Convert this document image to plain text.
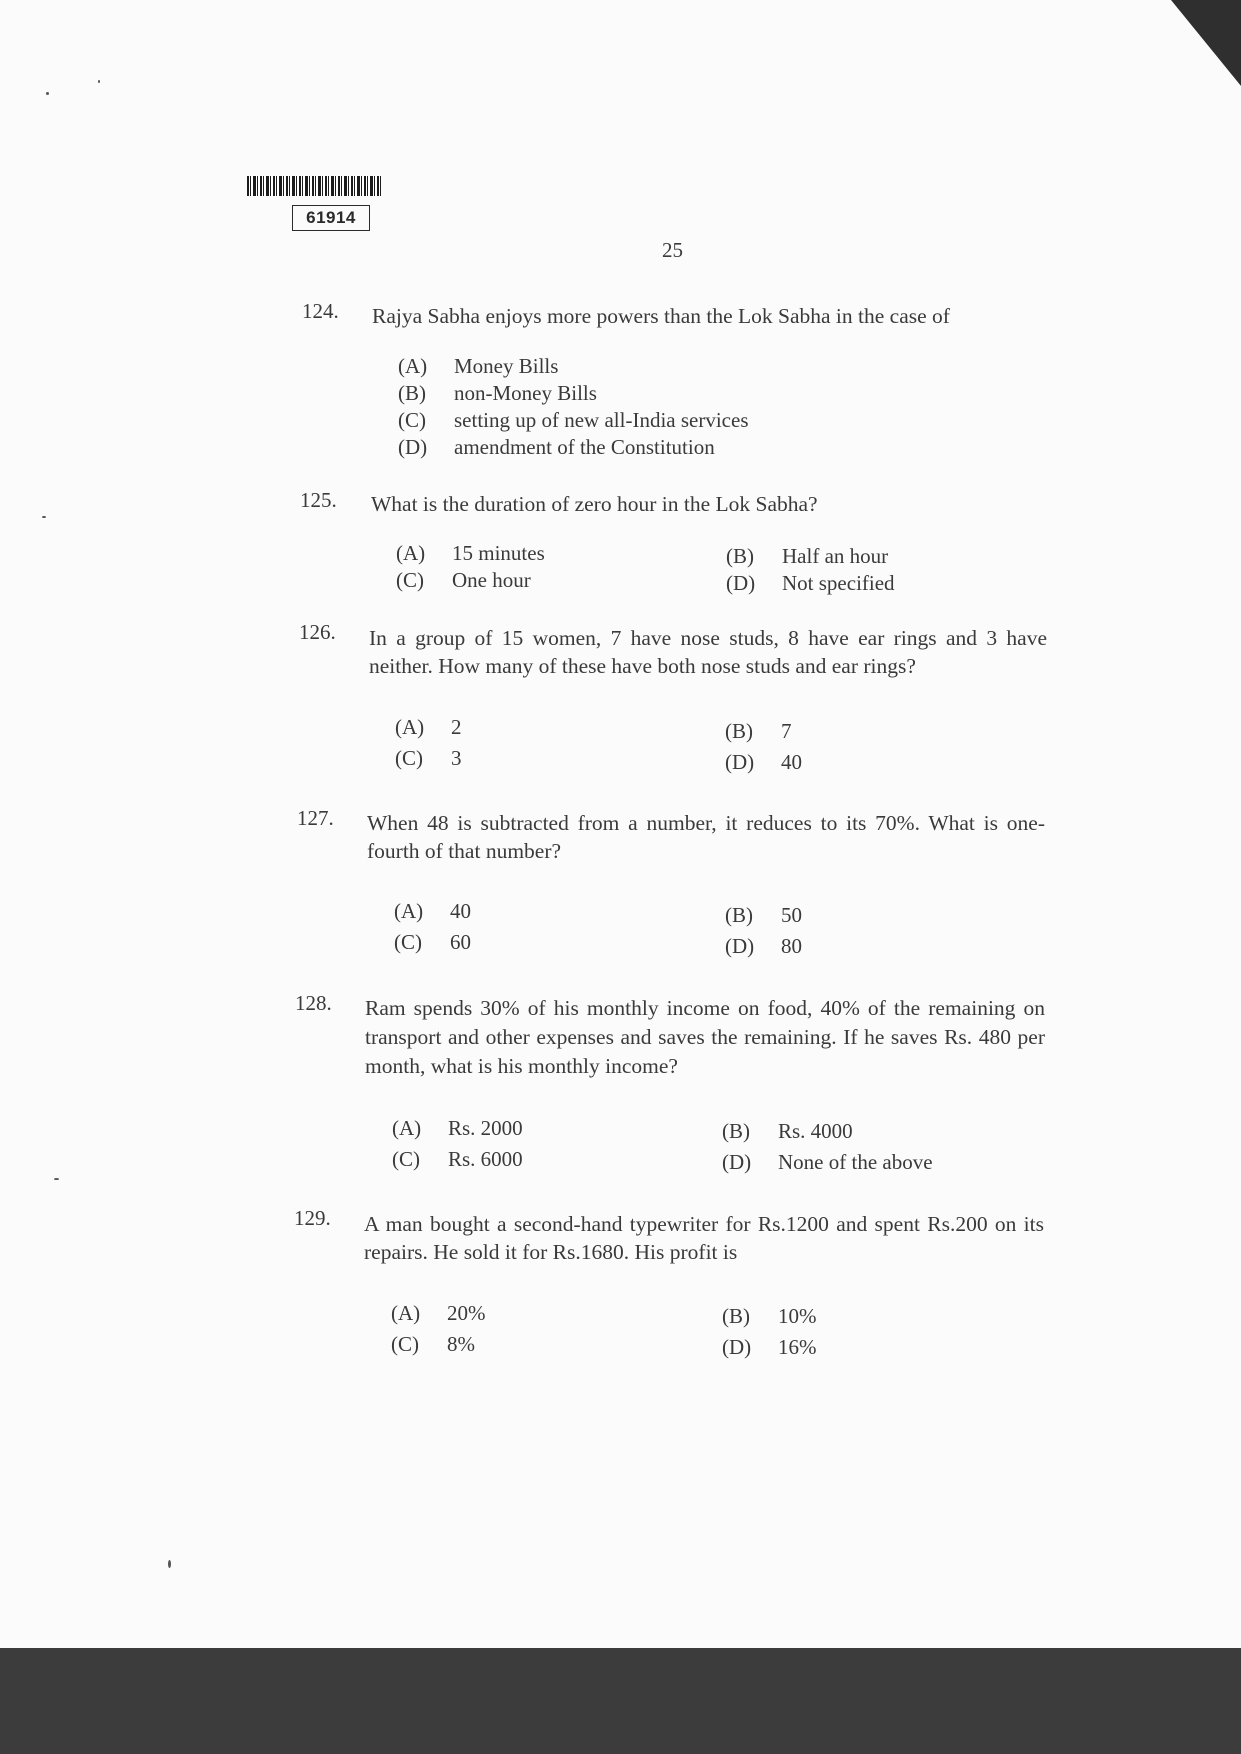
61914
25
124. Rajya Sabha enjoys more powers than the Lok Sabha in the case of
(A) Money Bills
(B) non-Money Bills
(C) setting up of new all-India services
(D) amendment of the Constitution
125. What is the duration of zero hour in the Lok Sabha?
(A) 15 minutes	(B) Half an hour
(C) One hour	(D) Not specified
126. In a group of 15 women, 7 have nose studs, 8 have ear rings and 3 have neither. How many of these have both nose studs and ear rings?
(A) 2	(B) 7
(C) 3	(D) 40
127. When 48 is subtracted from a number, it reduces to its 70%. What is one-fourth of that number?
(A) 40	(B) 50
(C) 60	(D) 80
128. Ram spends 30% of his monthly income on food, 40% of the remaining on transport and other expenses and saves the remaining. If he saves Rs. 480 per month, what is his monthly income?
(A) Rs. 2000	(B) Rs. 4000
(C) Rs. 6000	(D) None of the above
129. A man bought a second-hand typewriter for Rs.1200 and spent Rs.200 on its repairs. He sold it for Rs.1680. His profit is
(A) 20%	(B) 10%
(C) 8%	(D) 16%
